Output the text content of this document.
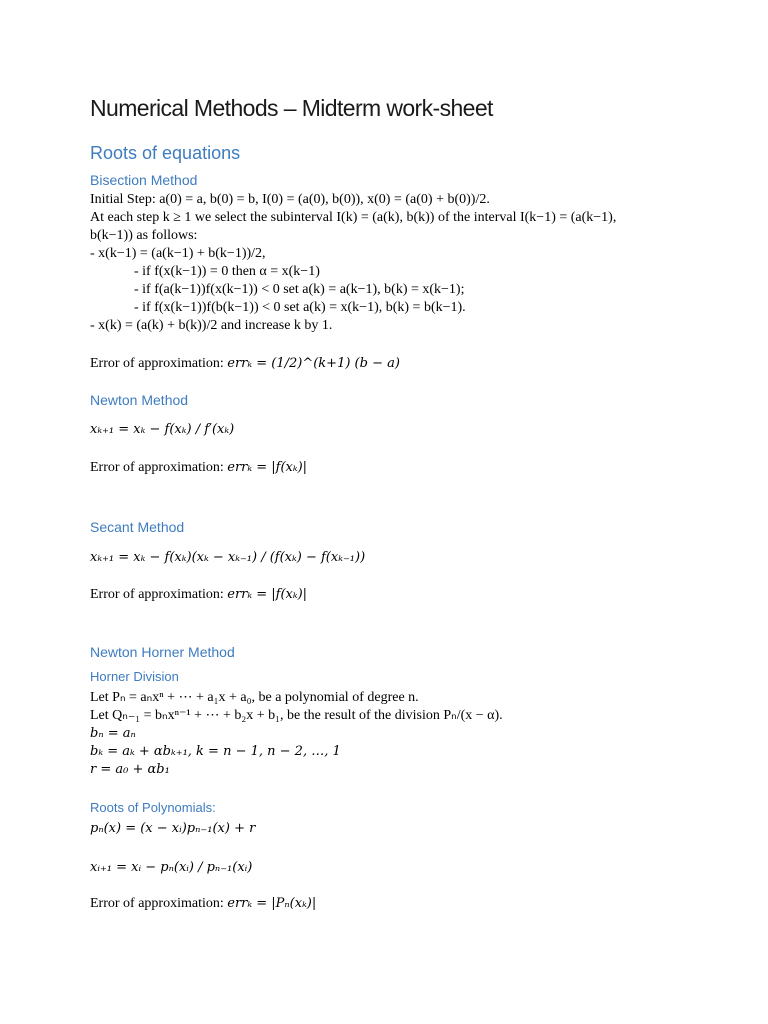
Numerical Methods – Midterm work-sheet
Roots of equations
Bisection Method
Initial Step: a(0) = a, b(0) = b, I(0) = (a(0), b(0)), x(0) = (a(0) + b(0))/2.
At each step k ≥ 1 we select the subinterval I(k) = (a(k), b(k)) of the interval I(k−1) = (a(k−1),
b(k−1)) as follows:
- x(k−1) = (a(k−1) + b(k−1))/2,
- if f(x(k−1)) = 0 then α = x(k−1)
- if f(a(k−1))f(x(k−1)) < 0 set a(k) = a(k−1), b(k) = x(k−1);
- if f(x(k−1))f(b(k−1)) < 0 set a(k) = x(k−1), b(k) = b(k−1).
- x(k) = (a(k) + b(k))/2 and increase k by 1.
Error of approximation: errₖ = (1/2)^(k+1) (b − a)
Newton Method
xₖ₊₁ = xₖ − f(xₖ) / f′(xₖ)
Error of approximation: errₖ = |f(xₖ)|
Secant Method
xₖ₊₁ = xₖ − f(xₖ)(xₖ − xₖ₋₁) / (f(xₖ) − f(xₖ₋₁))
Error of approximation: errₖ = |f(xₖ)|
Newton Horner Method
Horner Division
Let Pₙ = aₙxⁿ + ⋯ + a₁x + a₀, be a polynomial of degree n.
Let Qₙ₋₁ = bₙxⁿ⁻¹ + ⋯ + b₂x + b₁, be the result of the division Pₙ/(x − α).
bₙ = aₙ
bₖ = aₖ + αbₖ₊₁, k = n − 1, n − 2, …, 1
r = a₀ + αb₁
Roots of Polynomials:
pₙ(x) = (x − xᵢ)pₙ₋₁(x) + r
xᵢ₊₁ = xᵢ − pₙ(xᵢ) / pₙ₋₁(xᵢ)
Error of approximation: errₖ = |Pₙ(xₖ)|
